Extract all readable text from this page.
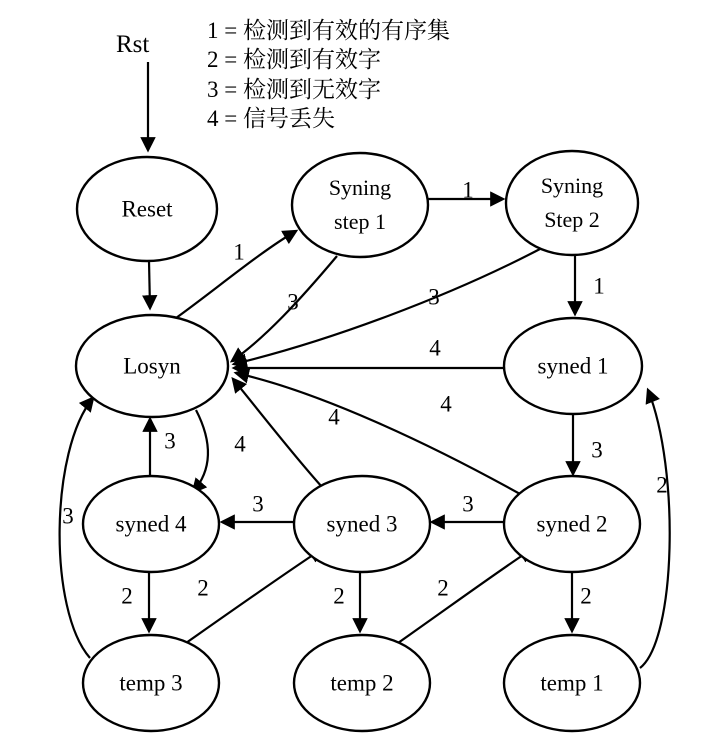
Rst
1 = 检测到有效的有序集
2 = 检测到有效字
3 = 检测到无效字
4 = 信号丢失
1
1
3	3	1
4
3
4
4
3	4
3
3
2	2	2	2	2
2
3
Reset
Syning
step 1
Syning
Step 2
Losyn	syned 1
syned 4	syned 3	syned 2
temp 3	temp 2	temp 1
